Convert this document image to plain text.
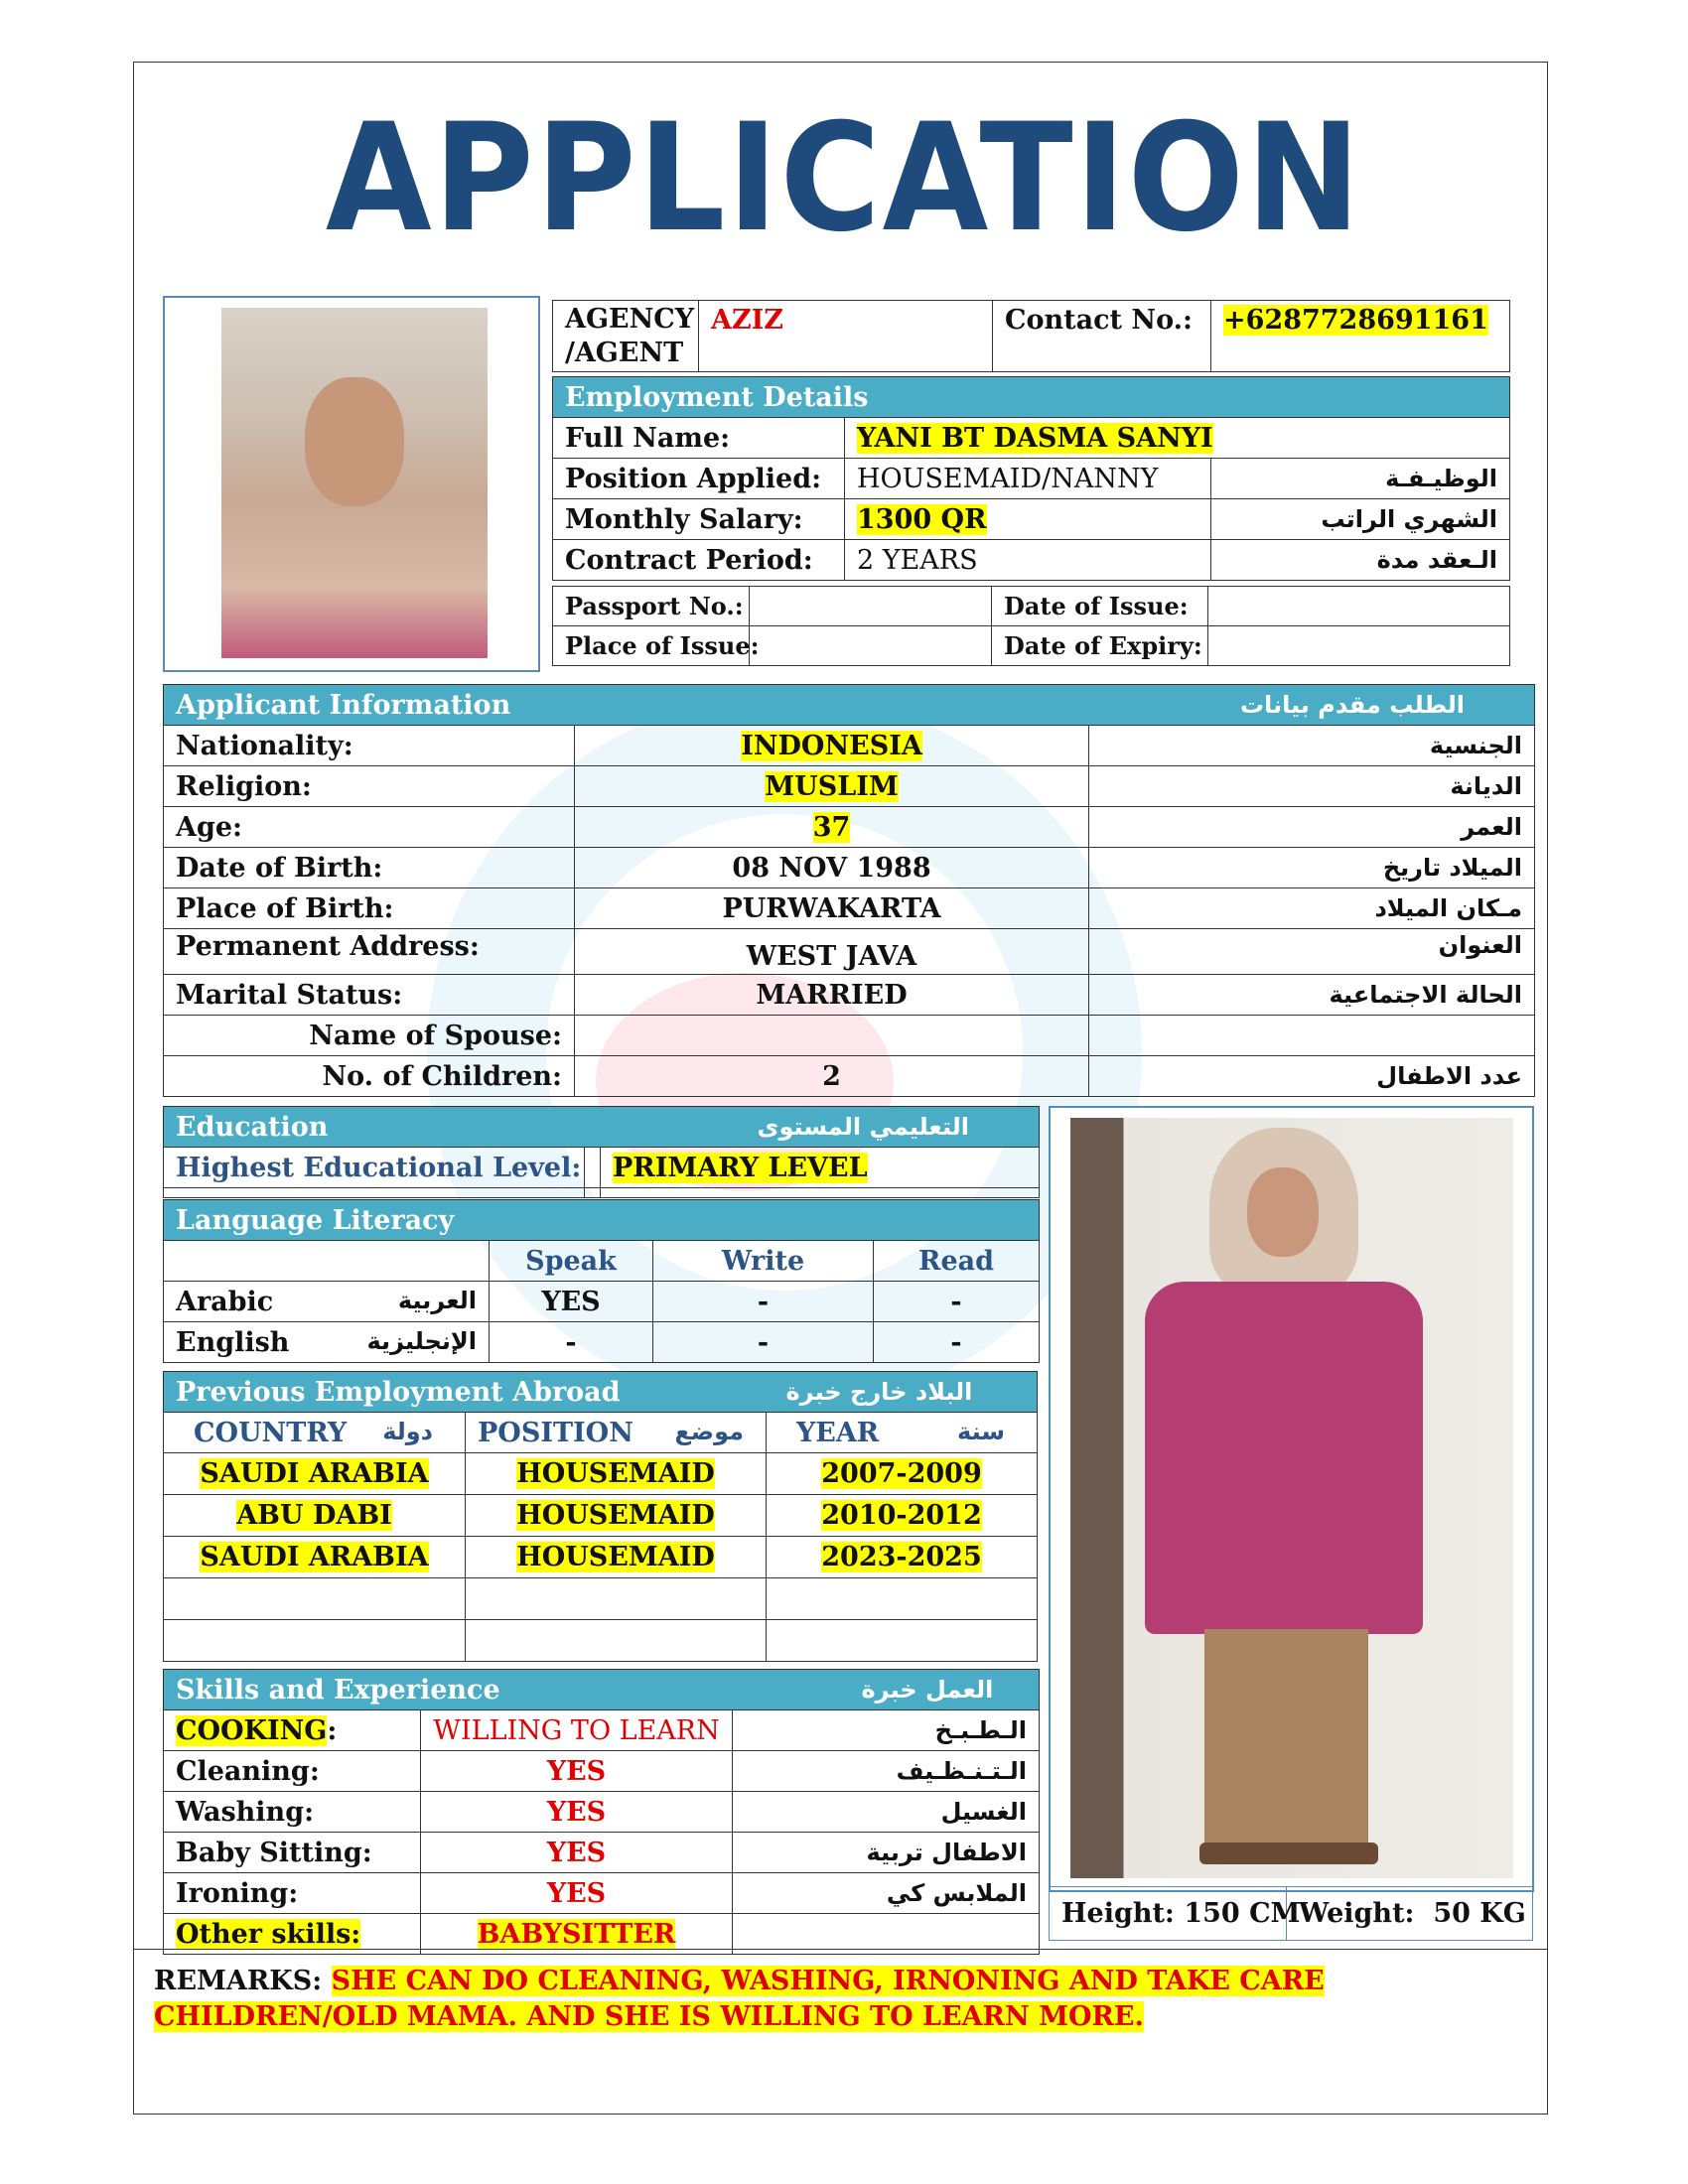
APPLICATION
AGENCY
/AGENT	AZIZ	Contact No.:	+6287728691161
Employment Details		
Full Name:	YANI BT DASMA SANYI	
Position Applied:	HOUSEMAID/NANNY	الوظيـفـة
Monthly Salary:	1300 QR	الشهري الراتب
Contract Period:	2 YEARS	الـعقد مدة
Passport No.:		Date of Issue:	
Place of Issue:		Date of Expiry:	
Applicant Information		الطلب مقدم بيانات
Nationality:	INDONESIA	الجنسية
Religion:	MUSLIM	الديانة
Age:	37	العمر
Date of Birth:	08 NOV 1988	الميلاد تاريخ
Place of Birth:	PURWAKARTA	مـكان الميلاد
Permanent Address:	WEST JAVA	العنوان
Marital Status:	MARRIED	الحالة الاجتماعية
Name of Spouse:		
No. of Children:	2	عدد الاطفال
Education		التعليمي المستوى
Highest Educational Level:		PRIMARY LEVEL

Language Literacy			
	Speak	Write	Read
Arabic العربية	YES	-	-
English الإنجليزية	-	-	-
Previous Employment Abroad		البلاد خارج خبرة
COUNTRY دولة	POSITION موضع	YEAR سنة

SAUDI ARABIA	HOUSEMAID	2007-2009
ABU DABI	HOUSEMAID	2010-2012
SAUDI ARABIA	HOUSEMAID	2023-2025

Skills and Experience		العمل خبرة
COOKING:	WILLING TO LEARN	الـطـبـخ
Cleaning:	YES	الـتـنـظـيف
Washing:	YES	الغسيل
Baby Sitting:	YES	الاطفال تربية
Ironing:	YES	الملابس كي
Other skills:	BABYSITTER	
Height: 150 CM	Weight: 50 KG
REMARKS: SHE CAN DO CLEANING, WASHING, IRNONING AND TAKE CARE CHILDREN/OLD MAMA. AND SHE IS WILLING TO LEARN MORE.
